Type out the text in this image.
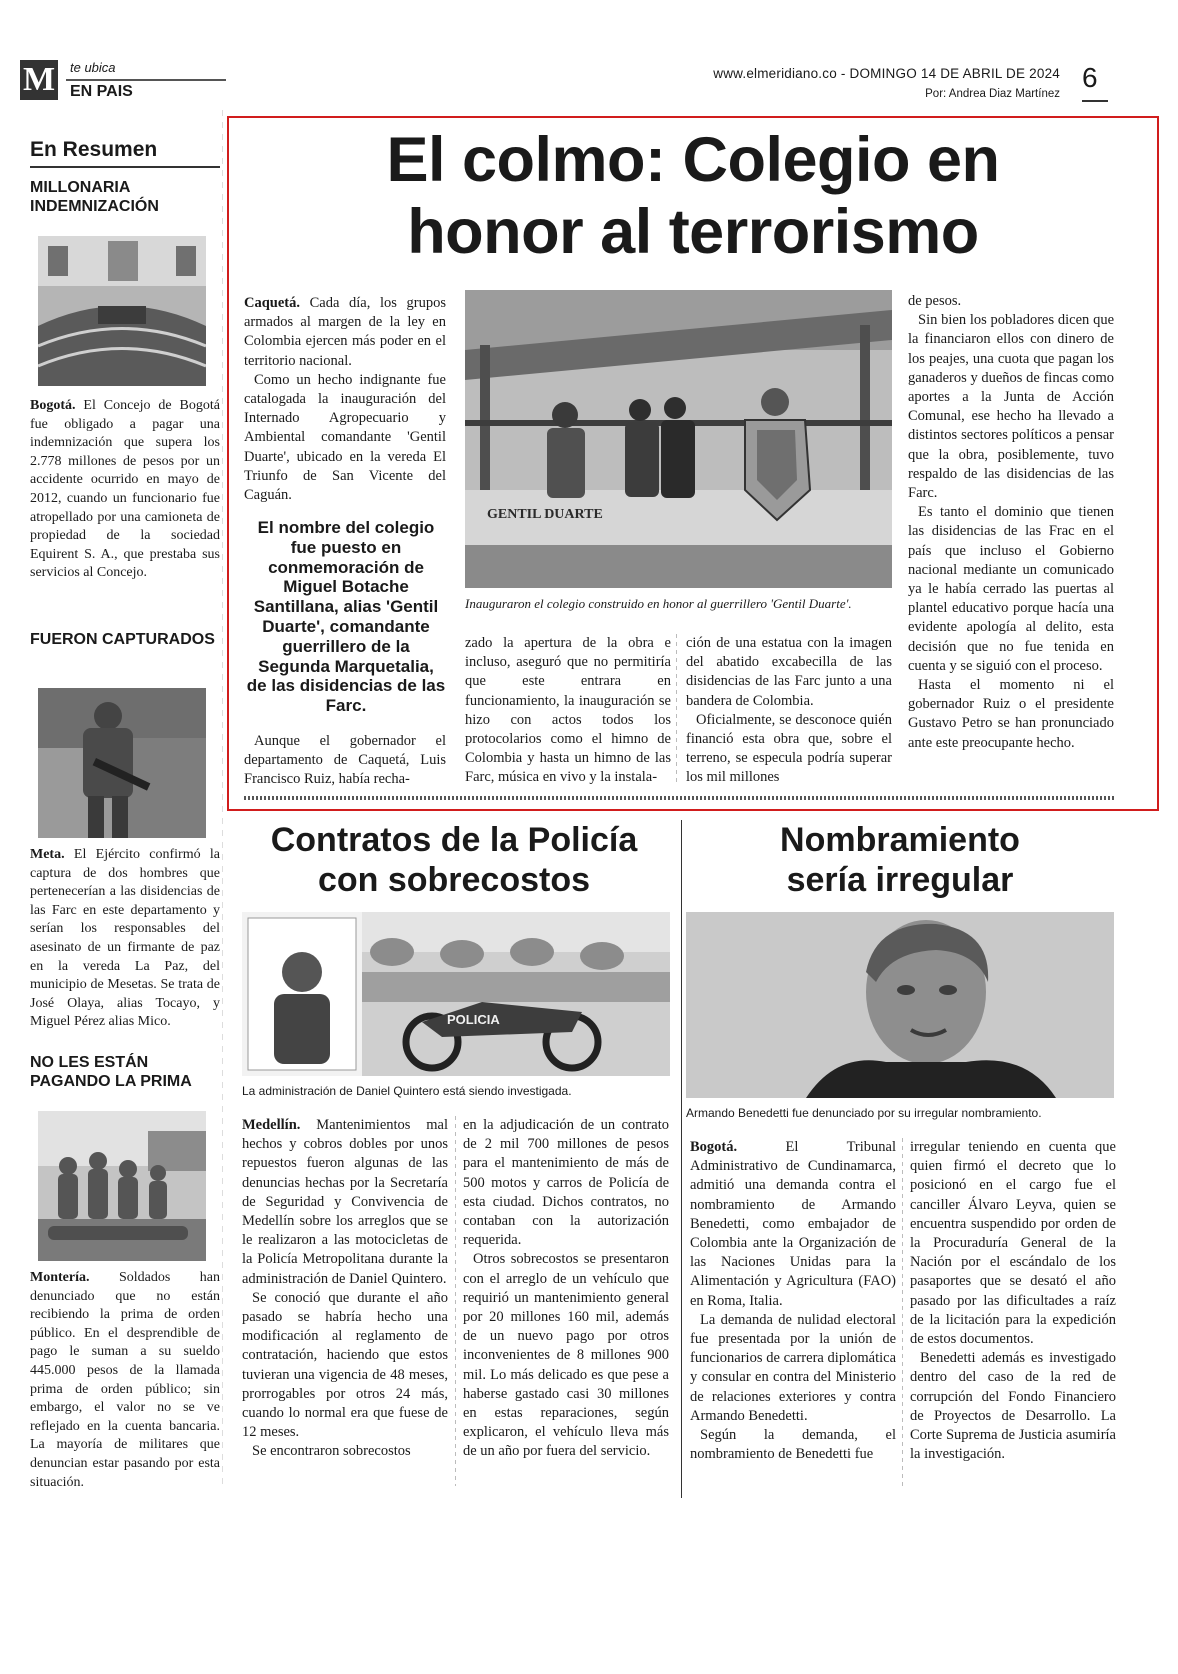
M te ubica
EN PAIS
www.elmeridiano.co - DOMINGO 14 DE ABRIL DE 2024
Por: Andrea Diaz Martínez
6
En Resumen
MILLONARIA INDEMNIZACIÓN
Bogotá. El Concejo de Bogotá fue obligado a pagar una indemnización que supera los 2.778 millones de pesos por un accidente ocurrido en mayo de 2012, cuando un funcionario fue atropellado por una camioneta de propiedad de la sociedad Equirent S. A., que prestaba sus servicios al Concejo.
FUERON CAPTURADOS
Meta. El Ejército confirmó la captura de dos hombres que pertenecerían a las disidencias de las Farc en este departamento y serían los responsables del asesinato de un firmante de paz en la vereda La Paz, del municipio de Mesetas. Se trata de José Olaya, alias Tocayo, y Miguel Pérez alias Mico.
NO LES ESTÁN PAGANDO LA PRIMA
Montería. Soldados han denunciado que no están recibiendo la prima de orden público. En el desprendible de pago le suman a su sueldo 445.000 pesos de la llamada prima de orden público; sin embargo, el valor no se ve reflejado en la cuenta bancaria. La mayoría de militares que denuncian estar pasando por esta situación.
El colmo: Colegio en
honor al terrorismo

Caquetá. Cada día, los grupos armados al margen de la ley en Colombia ejercen más poder en el territorio nacional.

Como un hecho indignante fue catalogada la inauguración del Internado Agropecuario y Ambiental comandante 'Gentil Duarte', ubicado en la vereda El Triunfo de San Vicente del Caguán.

El nombre del colegio fue puesto en conmemoración de Miguel Botache Santillana, alias 'Gentil Duarte', comandante guerrillero de la Segunda Marquetalia, de las disidencias de las Farc.

Aunque el gobernador el departamento de Caquetá, Luis Francisco Ruiz, había recha-

GENTIL DUARTE
Inauguraron el colegio construido en honor al guerrillero 'Gentil Duarte'.

zado la apertura de la obra e incluso, aseguró que no permitiría que este entrara en funcionamiento, la inauguración se hizo con actos todos los protocolarios como el himno de Colombia y hasta un himno de las Farc, música en vivo y la instala-

ción de una estatua con la imagen del abatido excabecilla de las disidencias de las Farc junto a una bandera de Colombia.

Oficialmente, se desconoce quién financió esta obra que, sobre el terreno, se especula podría superar los mil millones

de pesos.

Sin bien los pobladores dicen que la financiaron ellos con dinero de los peajes, una cuota que pagan los ganaderos y dueños de fincas como aportes a la Junta de Acción Comunal, ese hecho ha llevado a distintos sectores políticos a pensar que la obra, posiblemente, tuvo respaldo de las disidencias de las Farc.

Es tanto el dominio que tienen las disidencias de las Frac en el país que incluso el Gobierno nacional mediante un comunicado ya le había cerrado las puertas al plantel educativo porque hacía una evidente apología al delito, esta decisión que no fue tenida en cuenta y se siguió con el proceso.

Hasta el momento ni el gobernador Ruiz o el presidente Gustavo Petro se han pronunciado ante este preocupante hecho.

Contratos de la Policía
con sobrecostos
POLICIA
La administración de Daniel Quintero está siendo investigada.

Medellín. Mantenimientos mal hechos y cobros dobles por unos repuestos fueron algunas de las denuncias hechas por la Secretaría de Seguridad y Convivencia de Medellín sobre los arreglos que se le realizaron a las motocicletas de la Policía Metropolitana durante la administración de Daniel Quintero.

Se conoció que durante el año pasado se habría hecho una modificación al reglamento de contratación, haciendo que estos tuvieran una vigencia de 48 meses, prorrogables por otros 24 más, cuando lo normal era que fuese de 12 meses.

Se encontraron sobrecostos

en la adjudicación de un contrato de 2 mil 700 millones de pesos para el mantenimiento de más de 500 motos y carros de Policía de esta ciudad. Dichos contratos, no contaban con la autorización requerida.

Otros sobrecostos se presentaron con el arreglo de un vehículo que requirió un mantenimiento general por 20 millones 160 mil, además de un nuevo pago por otros inconvenientes de 8 millones 900 mil. Lo más delicado es que pese a haberse gastado casi 30 millones en estas reparaciones, según explicaron, el vehículo lleva más de un año por fuera del servicio.

Nombramiento
sería irregular
Armando Benedetti fue denunciado por su irregular nombramiento.

Bogotá. El Tribunal Administrativo de Cundinamarca, admitió una demanda contra el nombramiento de Armando Benedetti, como embajador de Colombia ante la Organización de las Naciones Unidas para la Alimentación y Agricultura (FAO) en Roma, Italia.

La demanda de nulidad electoral fue presentada por la unión de funcionarios de carrera diplomática y consular en contra del Ministerio de relaciones exteriores y contra Armando Benedetti.

Según la demanda, el nombramiento de Benedetti fue

irregular teniendo en cuenta que quien firmó el decreto que lo posicionó en el cargo fue el canciller Álvaro Leyva, quien se encuentra suspendido por orden de la Procuraduría General de la Nación por el escándalo de los pasaportes que se desató el año pasado por las dificultades a raíz de la licitación para la expedición de estos documentos.

Benedetti además es investigado dentro del caso de la red de corrupción del Fondo Financiero de Proyectos de Desarrollo. La Corte Suprema de Justicia asumiría la investigación.
